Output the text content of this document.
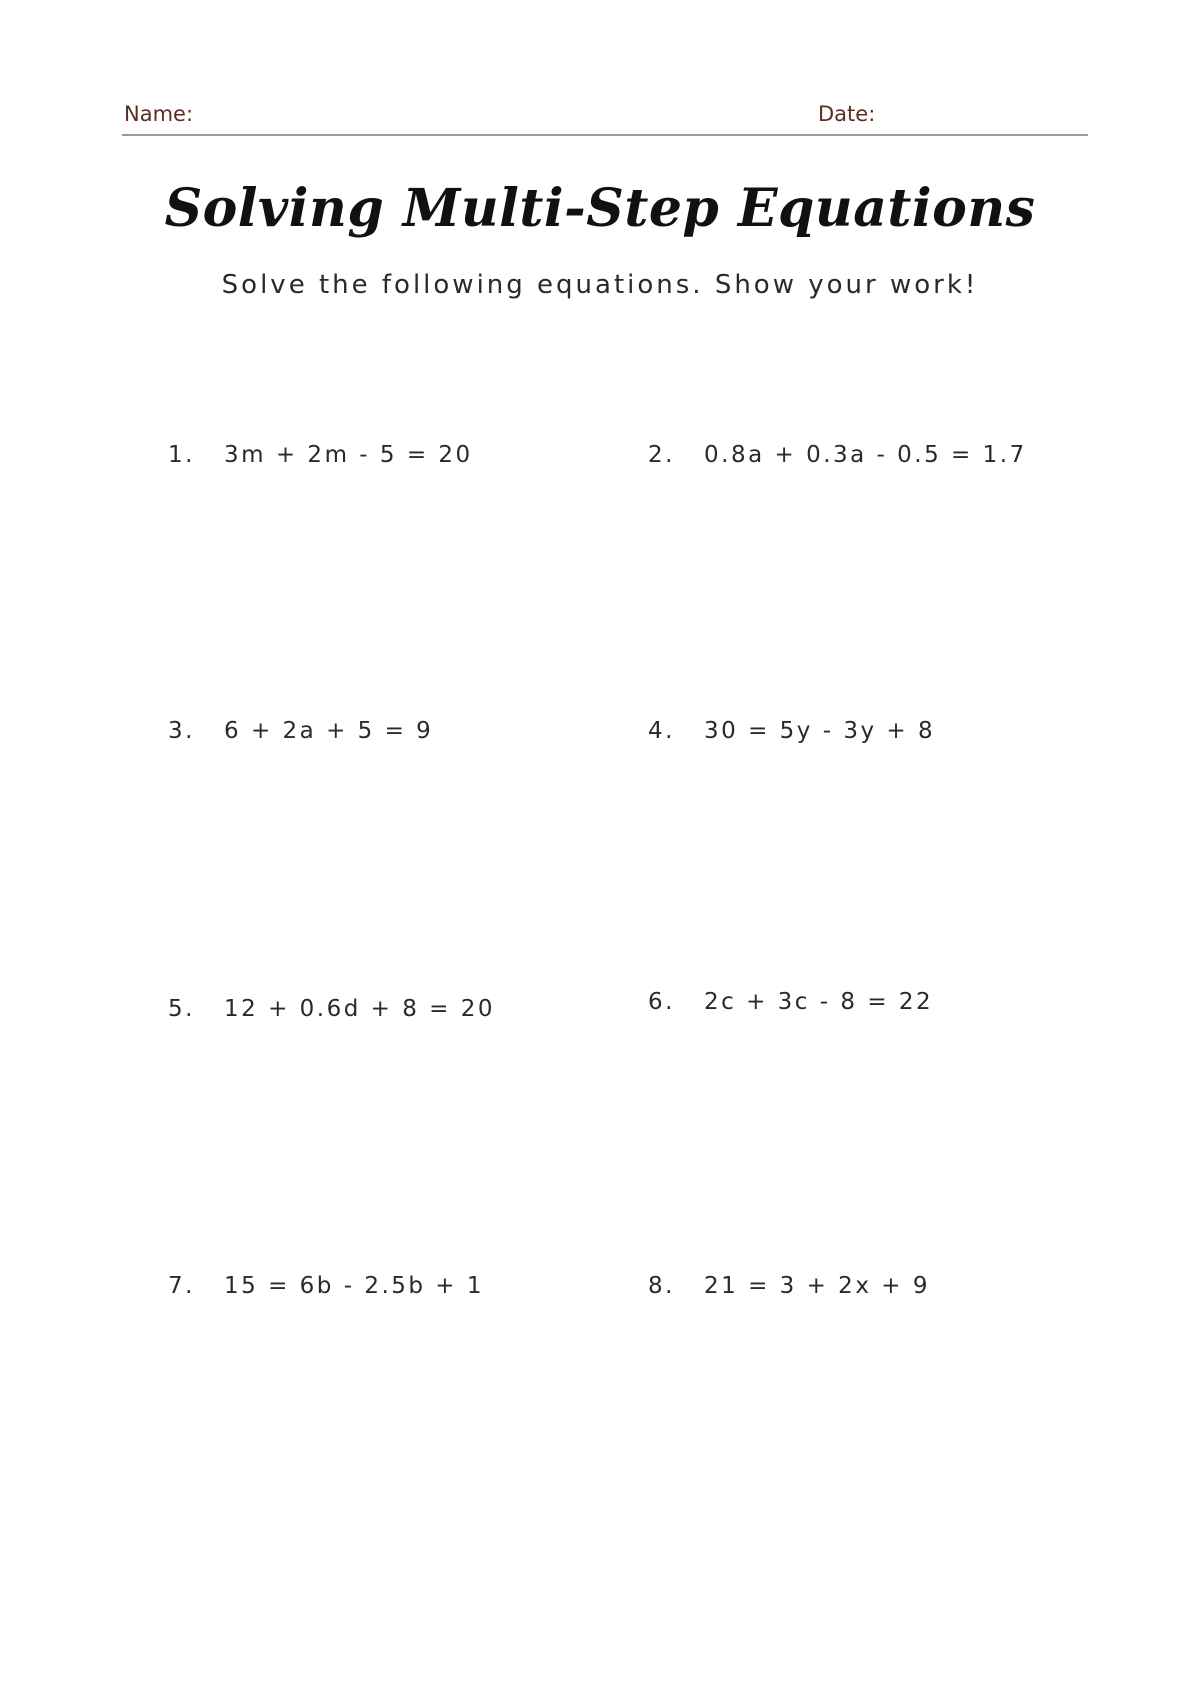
Name:	Date:
Solving Multi-Step Equations
Solve the following equations. Show your work!
1. 3m + 2m - 5 = 20	2. 0.8a + 0.3a - 0.5 = 1.7
3. 6 + 2a + 5 = 9	4. 30 = 5y - 3y + 8
5. 12 + 0.6d + 8 = 20	6. 2c + 3c - 8 = 22
7. 15 = 6b - 2.5b + 1	8. 21 = 3 + 2x + 9
